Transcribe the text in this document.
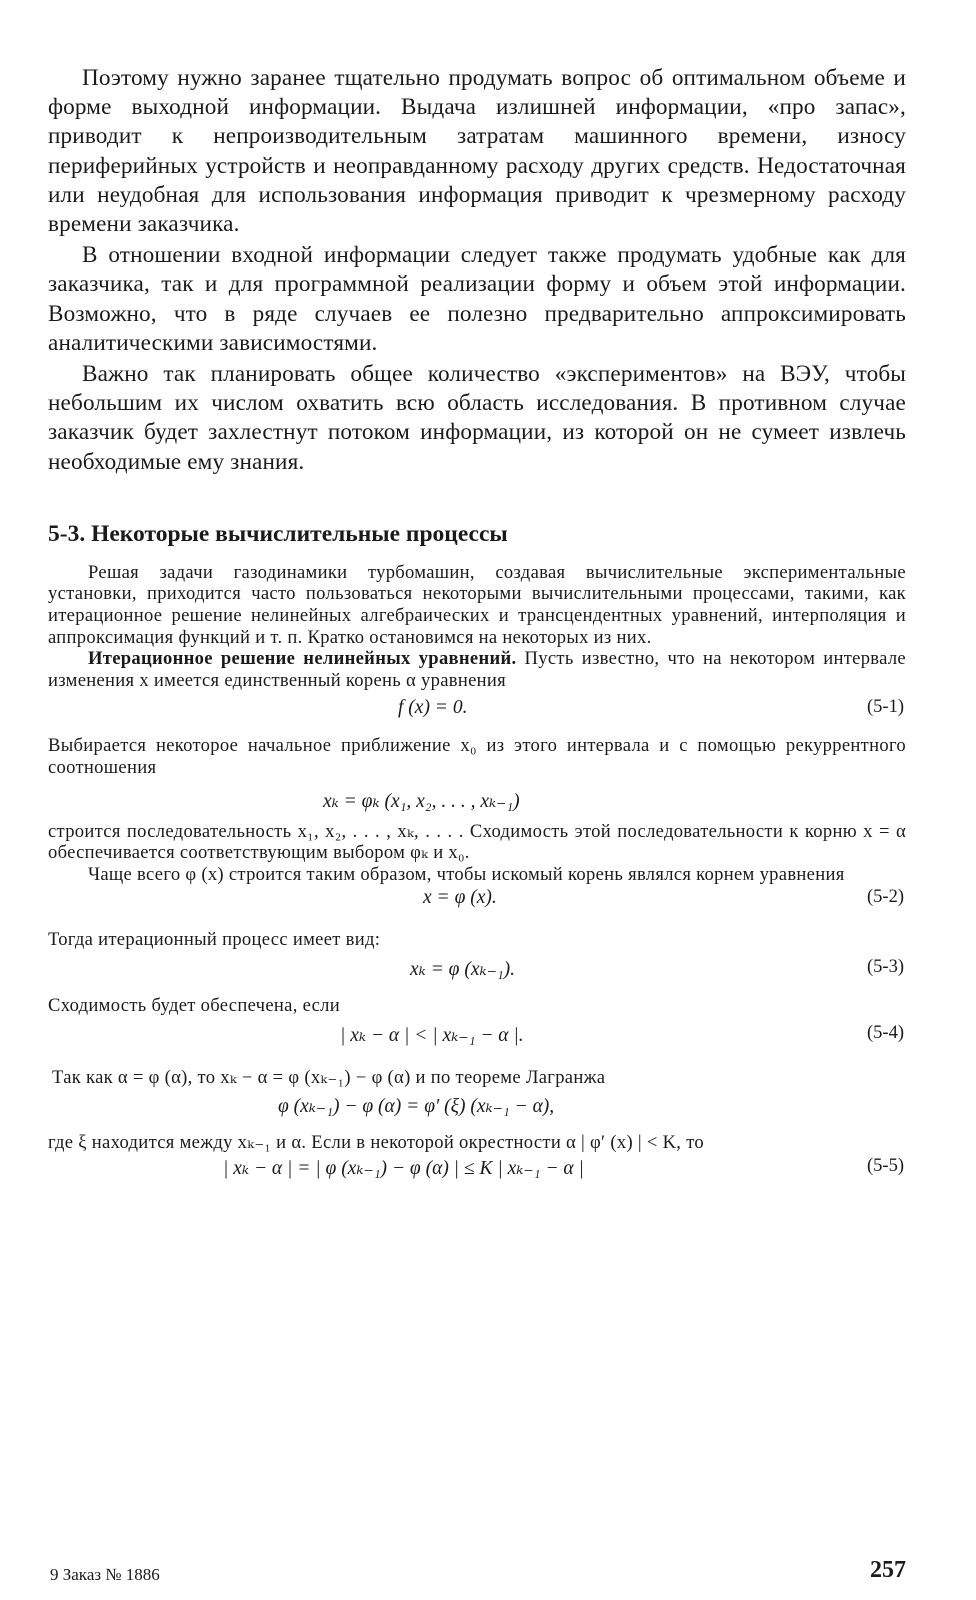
Поэтому нужно заранее тщательно продумать вопрос об оптимальном объеме и форме выходной информации. Выдача излишней информации, «про запас», приводит к непроизводительным затратам машинного времени, износу периферийных устройств и неоправданному расходу других средств. Недостаточная или неудобная для использования информация приводит к чрезмерному расходу времени заказчика.

В отношении входной информации следует также продумать удобные как для заказчика, так и для программной реализации форму и объем этой информации. Возможно, что в ряде случаев ее полезно предварительно аппроксимировать аналитическими зависимостями.

Важно так планировать общее количество «экспериментов» на ВЭУ, чтобы небольшим их числом охватить всю область исследования. В противном случае заказчик будет захлестнут потоком информации, из которой он не сумеет извлечь необходимые ему знания.

5-3. Некоторые вычислительные процессы

Решая задачи газодинамики турбомашин, создавая вычислительные экспериментальные установки, приходится часто пользоваться некоторыми вычислительными процессами, такими, как итерационное решение нелинейных алгебраических и трансцендентных уравнений, интерполяция и аппроксимация функций и т. п. Кратко остановимся на некоторых из них.

Итерационное решение нелинейных уравнений. Пусть известно, что на некотором интервале изменения x имеется единственный корень α уравнения

f (x) = 0.	(5-1)

Выбирается некоторое начальное приближение x₀ из этого интервала и с помощью рекуррентного соотношения

xₖ = φₖ (x₁, x₂, . . . , xₖ₋₁)

строится последовательность x₁, x₂, . . . , xₖ, . . . . Сходимость этой последовательности к корню x = α обеспечивается соответствующим выбором φₖ и x₀.

Чаще всего φ (x) строится таким образом, чтобы искомый корень являлся корнем уравнения

x = φ (x).	(5-2)

Тогда итерационный процесс имеет вид:

xₖ = φ (xₖ₋₁).	(5-3)

Сходимость будет обеспечена, если

| xₖ − α | < | xₖ₋₁ − α |.	(5-4)

Так как α = φ (α), то xₖ − α = φ (xₖ₋₁) − φ (α) и по теореме Лагранжа

φ (xₖ₋₁) − φ (α) = φ′ (ξ) (xₖ₋₁ − α),

где ξ находится между xₖ₋₁ и α. Если в некоторой окрестности α | φ′ (x) | < K, то

| xₖ − α | = | φ (xₖ₋₁) − φ (α) | ≤ K | xₖ₋₁ − α |	(5-5)
9 Заказ № 1886	257
